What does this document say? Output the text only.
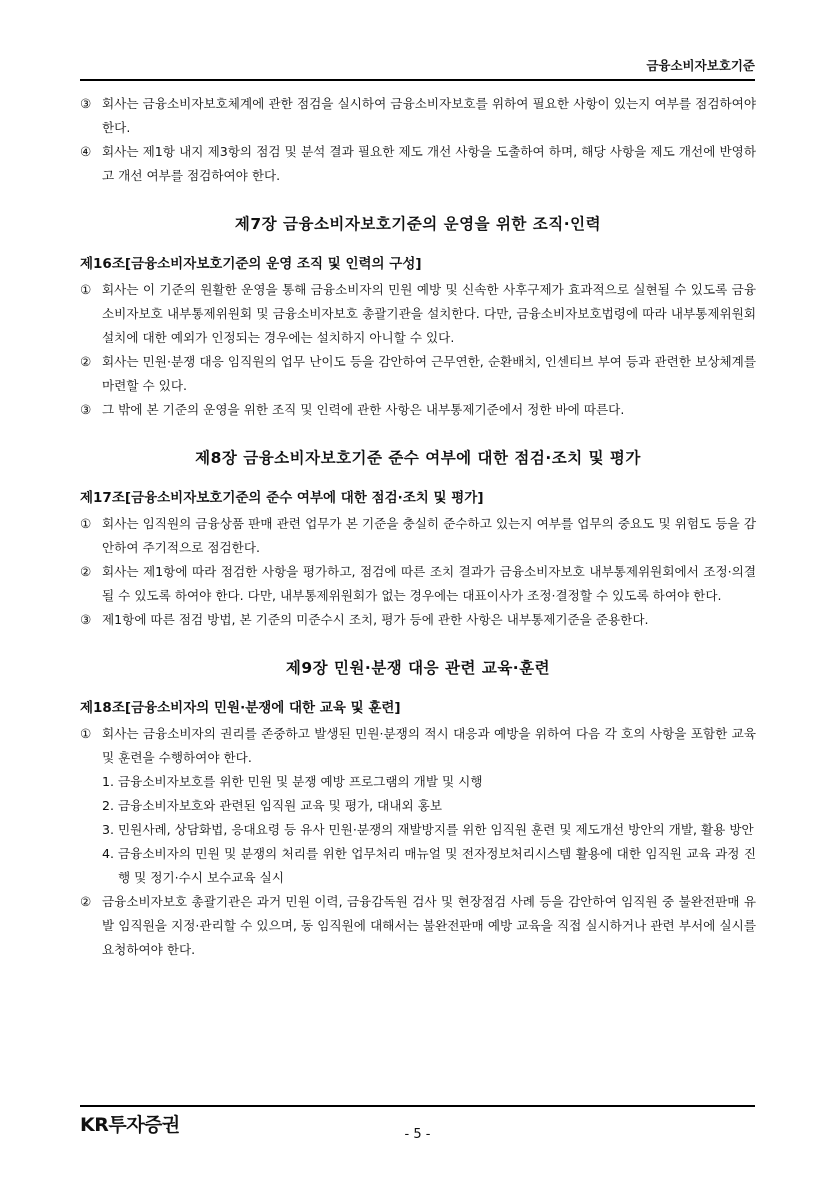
금융소비자보호기준
③ 회사는 금융소비자보호체계에 관한 점검을 실시하여 금융소비자보호를 위하여 필요한 사항이 있는지 여부를 점검하여야 한다.

④ 회사는 제1항 내지 제3항의 점검 및 분석 결과 필요한 제도 개선 사항을 도출하여 하며, 해당 사항을 제도 개선에 반영하고 개선 여부를 점검하여야 한다.

제7장 금융소비자보호기준의 운영을 위한 조직·인력
제16조[금융소비자보호기준의 운영 조직 및 인력의 구성]
① 회사는 이 기준의 원활한 운영을 통해 금융소비자의 민원 예방 및 신속한 사후구제가 효과적으로 실현될 수 있도록 금융소비자보호 내부통제위원회 및 금융소비자보호 총괄기관을 설치한다. 다만, 금융소비자보호법령에 따라 내부통제위원회 설치에 대한 예외가 인정되는 경우에는 설치하지 아니할 수 있다.

② 회사는 민원·분쟁 대응 임직원의 업무 난이도 등을 감안하여 근무연한, 순환배치, 인센티브 부여 등과 관련한 보상체계를 마련할 수 있다.

③ 그 밖에 본 기준의 운영을 위한 조직 및 인력에 관한 사항은 내부통제기준에서 정한 바에 따른다.

제8장 금융소비자보호기준 준수 여부에 대한 점검·조치 및 평가
제17조[금융소비자보호기준의 준수 여부에 대한 점검·조치 및 평가]
① 회사는 임직원의 금융상품 판매 관련 업무가 본 기준을 충실히 준수하고 있는지 여부를 업무의 중요도 및 위험도 등을 감안하여 주기적으로 점검한다.

② 회사는 제1항에 따라 점검한 사항을 평가하고, 점검에 따른 조치 결과가 금융소비자보호 내부통제위원회에서 조정·의결될 수 있도록 하여야 한다. 다만, 내부통제위원회가 없는 경우에는 대표이사가 조정·결정할 수 있도록 하여야 한다.

③ 제1항에 따른 점검 방법, 본 기준의 미준수시 조치, 평가 등에 관한 사항은 내부통제기준을 준용한다.

제9장 민원·분쟁 대응 관련 교육·훈련
제18조[금융소비자의 민원·분쟁에 대한 교육 및 훈련]
① 회사는 금융소비자의 권리를 존중하고 발생된 민원·분쟁의 적시 대응과 예방을 위하여 다음 각 호의 사항을 포함한 교육 및 훈련을 수행하여야 한다.

1. 금융소비자보호를 위한 민원 및 분쟁 예방 프로그램의 개발 및 시행

2. 금융소비자보호와 관련된 임직원 교육 및 평가, 대내외 홍보

3. 민원사례, 상담화법, 응대요령 등 유사 민원·분쟁의 재발방지를 위한 임직원 훈련 및 제도개선 방안의 개발, 활용 방안

4. 금융소비자의 민원 및 분쟁의 처리를 위한 업무처리 매뉴얼 및 전자정보처리시스템 활용에 대한 임직원 교육 과정 진행 및 정기·수시 보수교육 실시

② 금융소비자보호 총괄기관은 과거 민원 이력, 금융감독원 검사 및 현장점검 사례 등을 감안하여 임직원 중 불완전판매 유발 임직원을 지정·관리할 수 있으며, 동 임직원에 대해서는 불완전판매 예방 교육을 직접 실시하거나 관련 부서에 실시를 요청하여야 한다.

KR투자증권	- 5 -
